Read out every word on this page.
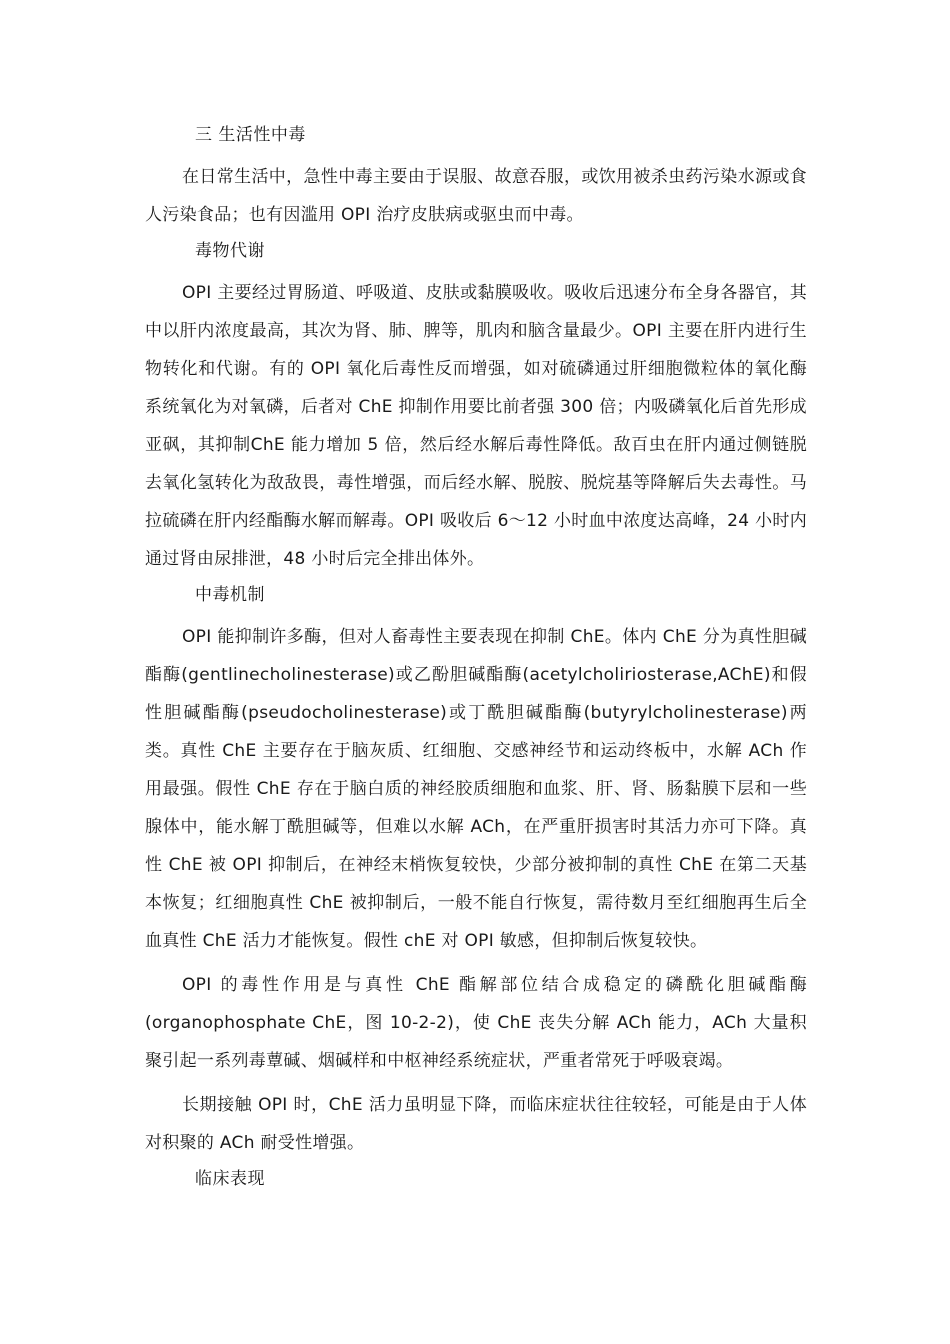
三 生活性中毒

在日常生活中，急性中毒主要由于误服、故意吞服，或饮用被杀虫药污染水源或食人污染食品；也有因滥用 OPI 治疗皮肤病或驱虫而中毒。

毒物代谢

OPI 主要经过胃肠道、呼吸道、皮肤或黏膜吸收。吸收后迅速分布全身各器官，其中以肝内浓度最高，其次为肾、肺、脾等，肌肉和脑含量最少。OPI 主要在肝内进行生物转化和代谢。有的 OPI 氧化后毒性反而增强，如对硫磷通过肝细胞微粒体的氧化酶系统氧化为对氧磷，后者对 ChE 抑制作用要比前者强 300 倍；内吸磷氧化后首先形成亚砜，其抑制ChE 能力增加 5 倍，然后经水解后毒性降低。敌百虫在肝内通过侧链脱去氧化氢转化为敌敌畏，毒性增强，而后经水解、脱胺、脱烷基等降解后失去毒性。马拉硫磷在肝内经酯酶水解而解毒。OPI 吸收后 6～12 小时血中浓度达高峰，24 小时内通过肾由尿排泄，48 小时后完全排出体外。

中毒机制

OPI 能抑制许多酶，但对人畜毒性主要表现在抑制 ChE。体内 ChE 分为真性胆碱酯酶(gentlinecholinesterase)或乙酚胆碱酯酶(acetylcholiriosterase,AChE)和假性胆碱酯酶(pseudocholinesterase)或丁酰胆碱酯酶(butyrylcholinesterase)两类。真性 ChE 主要存在于脑灰质、红细胞、交感神经节和运动终板中，水解 ACh 作用最强。假性 ChE 存在于脑白质的神经胶质细胞和血浆、肝、肾、肠黏膜下层和一些腺体中，能水解丁酰胆碱等，但难以水解 ACh，在严重肝损害时其活力亦可下降。真性 ChE 被 OPI 抑制后，在神经末梢恢复较快，少部分被抑制的真性 ChE 在第二天基本恢复；红细胞真性 ChE 被抑制后，一般不能自行恢复，需待数月至红细胞再生后全血真性 ChE 活力才能恢复。假性 chE 对 OPI 敏感，但抑制后恢复较快。

OPI 的毒性作用是与真性 ChE 酯解部位结合成稳定的磷酰化胆碱酯酶(organophosphate ChE，图 10-2-2)，使 ChE 丧失分解 ACh 能力，ACh 大量积聚引起一系列毒蕈碱、烟碱样和中枢神经系统症状，严重者常死于呼吸衰竭。

长期接触 OPI 时，ChE 活力虽明显下降，而临床症状往往较轻，可能是由于人体对积聚的 ACh 耐受性增强。

临床表现
